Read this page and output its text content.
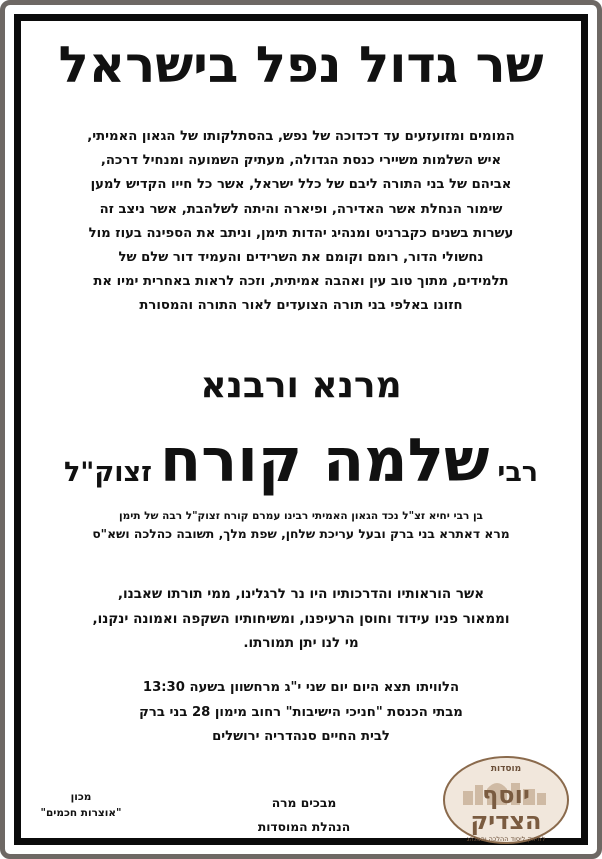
שר גדול נפל בישראל
המומים ומזועזעים עד דכדוכה של נפש, בהסתלקותו של הגאון האמיתי,
איש השלמות משיירי כנסת הגדולה, מעתיק השמועה ומנחיל דרכה,
אביהם של בני התורה ליבם של כלל ישראל, אשר כל חייו הקדיש למען
שימור הנחלת אשר האדירה, ופיארה והיתה לשלהבת, אשר ניצב זה
עשרות בשנים כקברניט ומנהיג יהדות תימן, וניתב את הספינה בעוז מול
נחשולי הדור, רומם וקומם את השרידים והעמיד דור שלם של
תלמידים, מתוך טוב עין ואהבה אמיתית, וזכה לראות באחרית ימיו את
חזונו באלפי בני תורה הצועדים לאור התורה והמסורת
מרנא ורבנא
רבי
שלמה קורח
זצוק"ל
בן רבי יחיא זצ"ל נכד הגאון האמיתי רבינו עמרם קורח זצוק"ל רבה של תימן
מרא דאתרא בני ברק ובעל עריכת שלחן, שפת מלך, תשובה כהלכה ושא"ס
אשר הוראותיו והדרכותיו היו נר לרגלינו, ממי תורתו שאבנו,
וממאור פניו עידוד וחוסן הרעיפנו, ומשיחותיו השקפה ואמונה ינקנו,
מי לנו יתן תמורתו.
הלוויתו תצא היום יום שני י"ג מרחשוון בשעה 13:30
מבתי הכנסת "חניכי הישיבות" רחוב מימון 28 בני ברק
לבית החיים סנהדריה ירושלים
מבכים מרה
הנהלת המוסדות
מכון
"אוצרות חכמים"
מוסדות
יוסף
הצדיק
לחיזוק ליסוד ההלכה והמנהג
